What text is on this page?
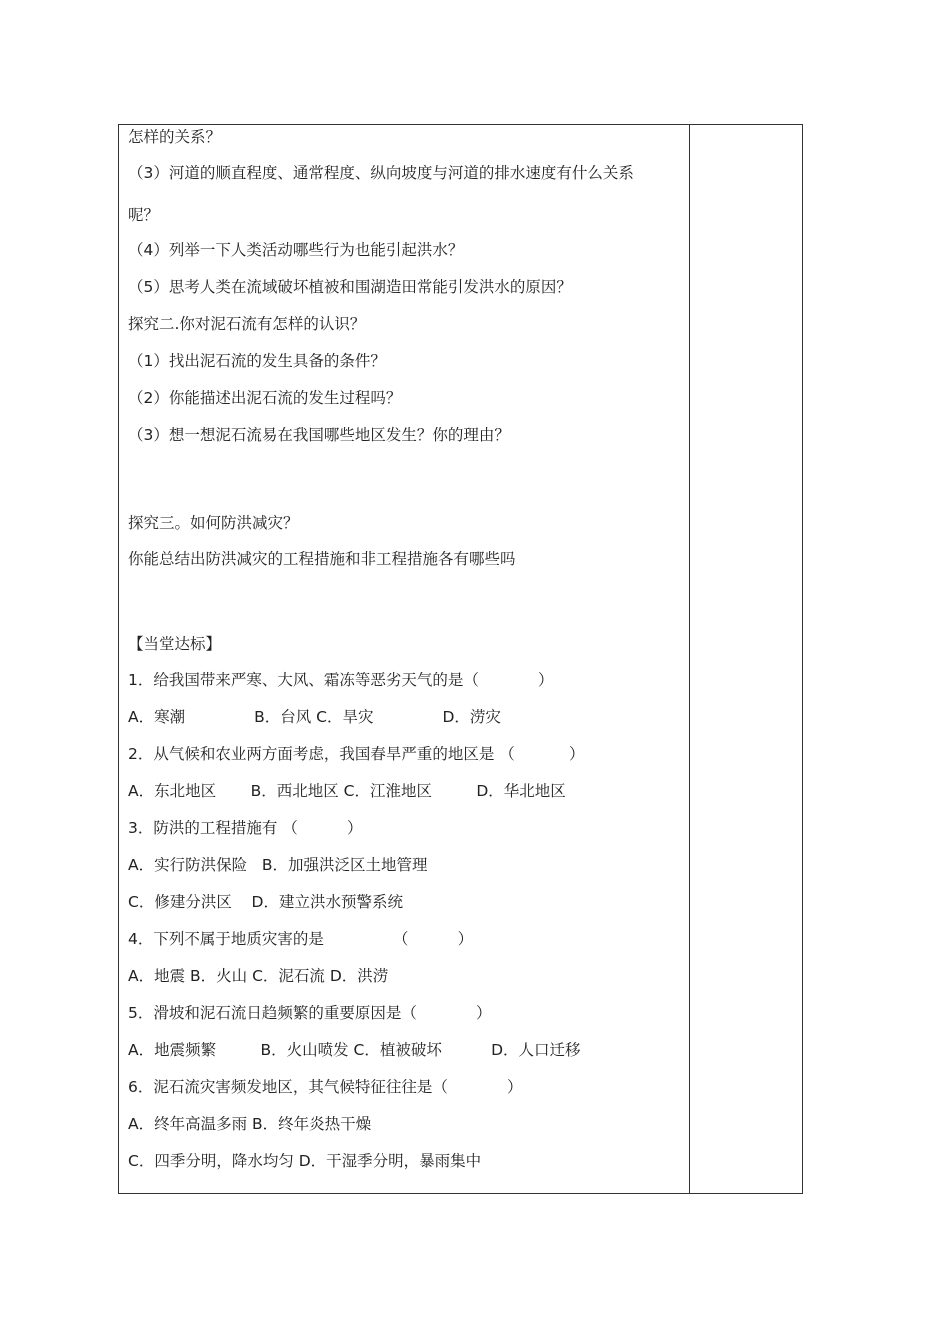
怎样的关系？
（3）河道的顺直程度、通常程度、纵向坡度与河道的排水速度有什么关系
呢？
（4）列举一下人类活动哪些行为也能引起洪水？
（5）思考人类在流域破坏植被和围湖造田常能引发洪水的原因？
探究二.你对泥石流有怎样的认识？
（1）找出泥石流的发生具备的条件？
（2）你能描述出泥石流的发生过程吗？
（3）想一想泥石流易在我国哪些地区发生？你的理由？
探究三。如何防洪减灾？
你能总结出防洪减灾的工程措施和非工程措施各有哪些吗
【当堂达标】
1．给我国带来严寒、大风、霜冻等恶劣天气的是（            ）
A．寒潮              B．台风 C．旱灾              D．涝灾
2．从气候和农业两方面考虑，我国春旱严重的地区是 （           ）
A．东北地区       B．西北地区 C．江淮地区         D．华北地区
3．防洪的工程措施有 （          ）
A．实行防洪保险   B．加强洪泛区土地管理
C．修建分洪区    D．建立洪水预警系统
4．下列不属于地质灾害的是              （          ）
A．地震 B．火山 C．泥石流 D．洪涝
5．滑坡和泥石流日趋频繁的重要原因是（            ）
A．地震频繁         B．火山喷发 C．植被破坏          D．人口迁移
6．泥石流灾害频发地区，其气候特征往往是（            ）
A．终年高温多雨 B．终年炎热干燥
C．四季分明，降水均匀 D．干湿季分明，暴雨集中
